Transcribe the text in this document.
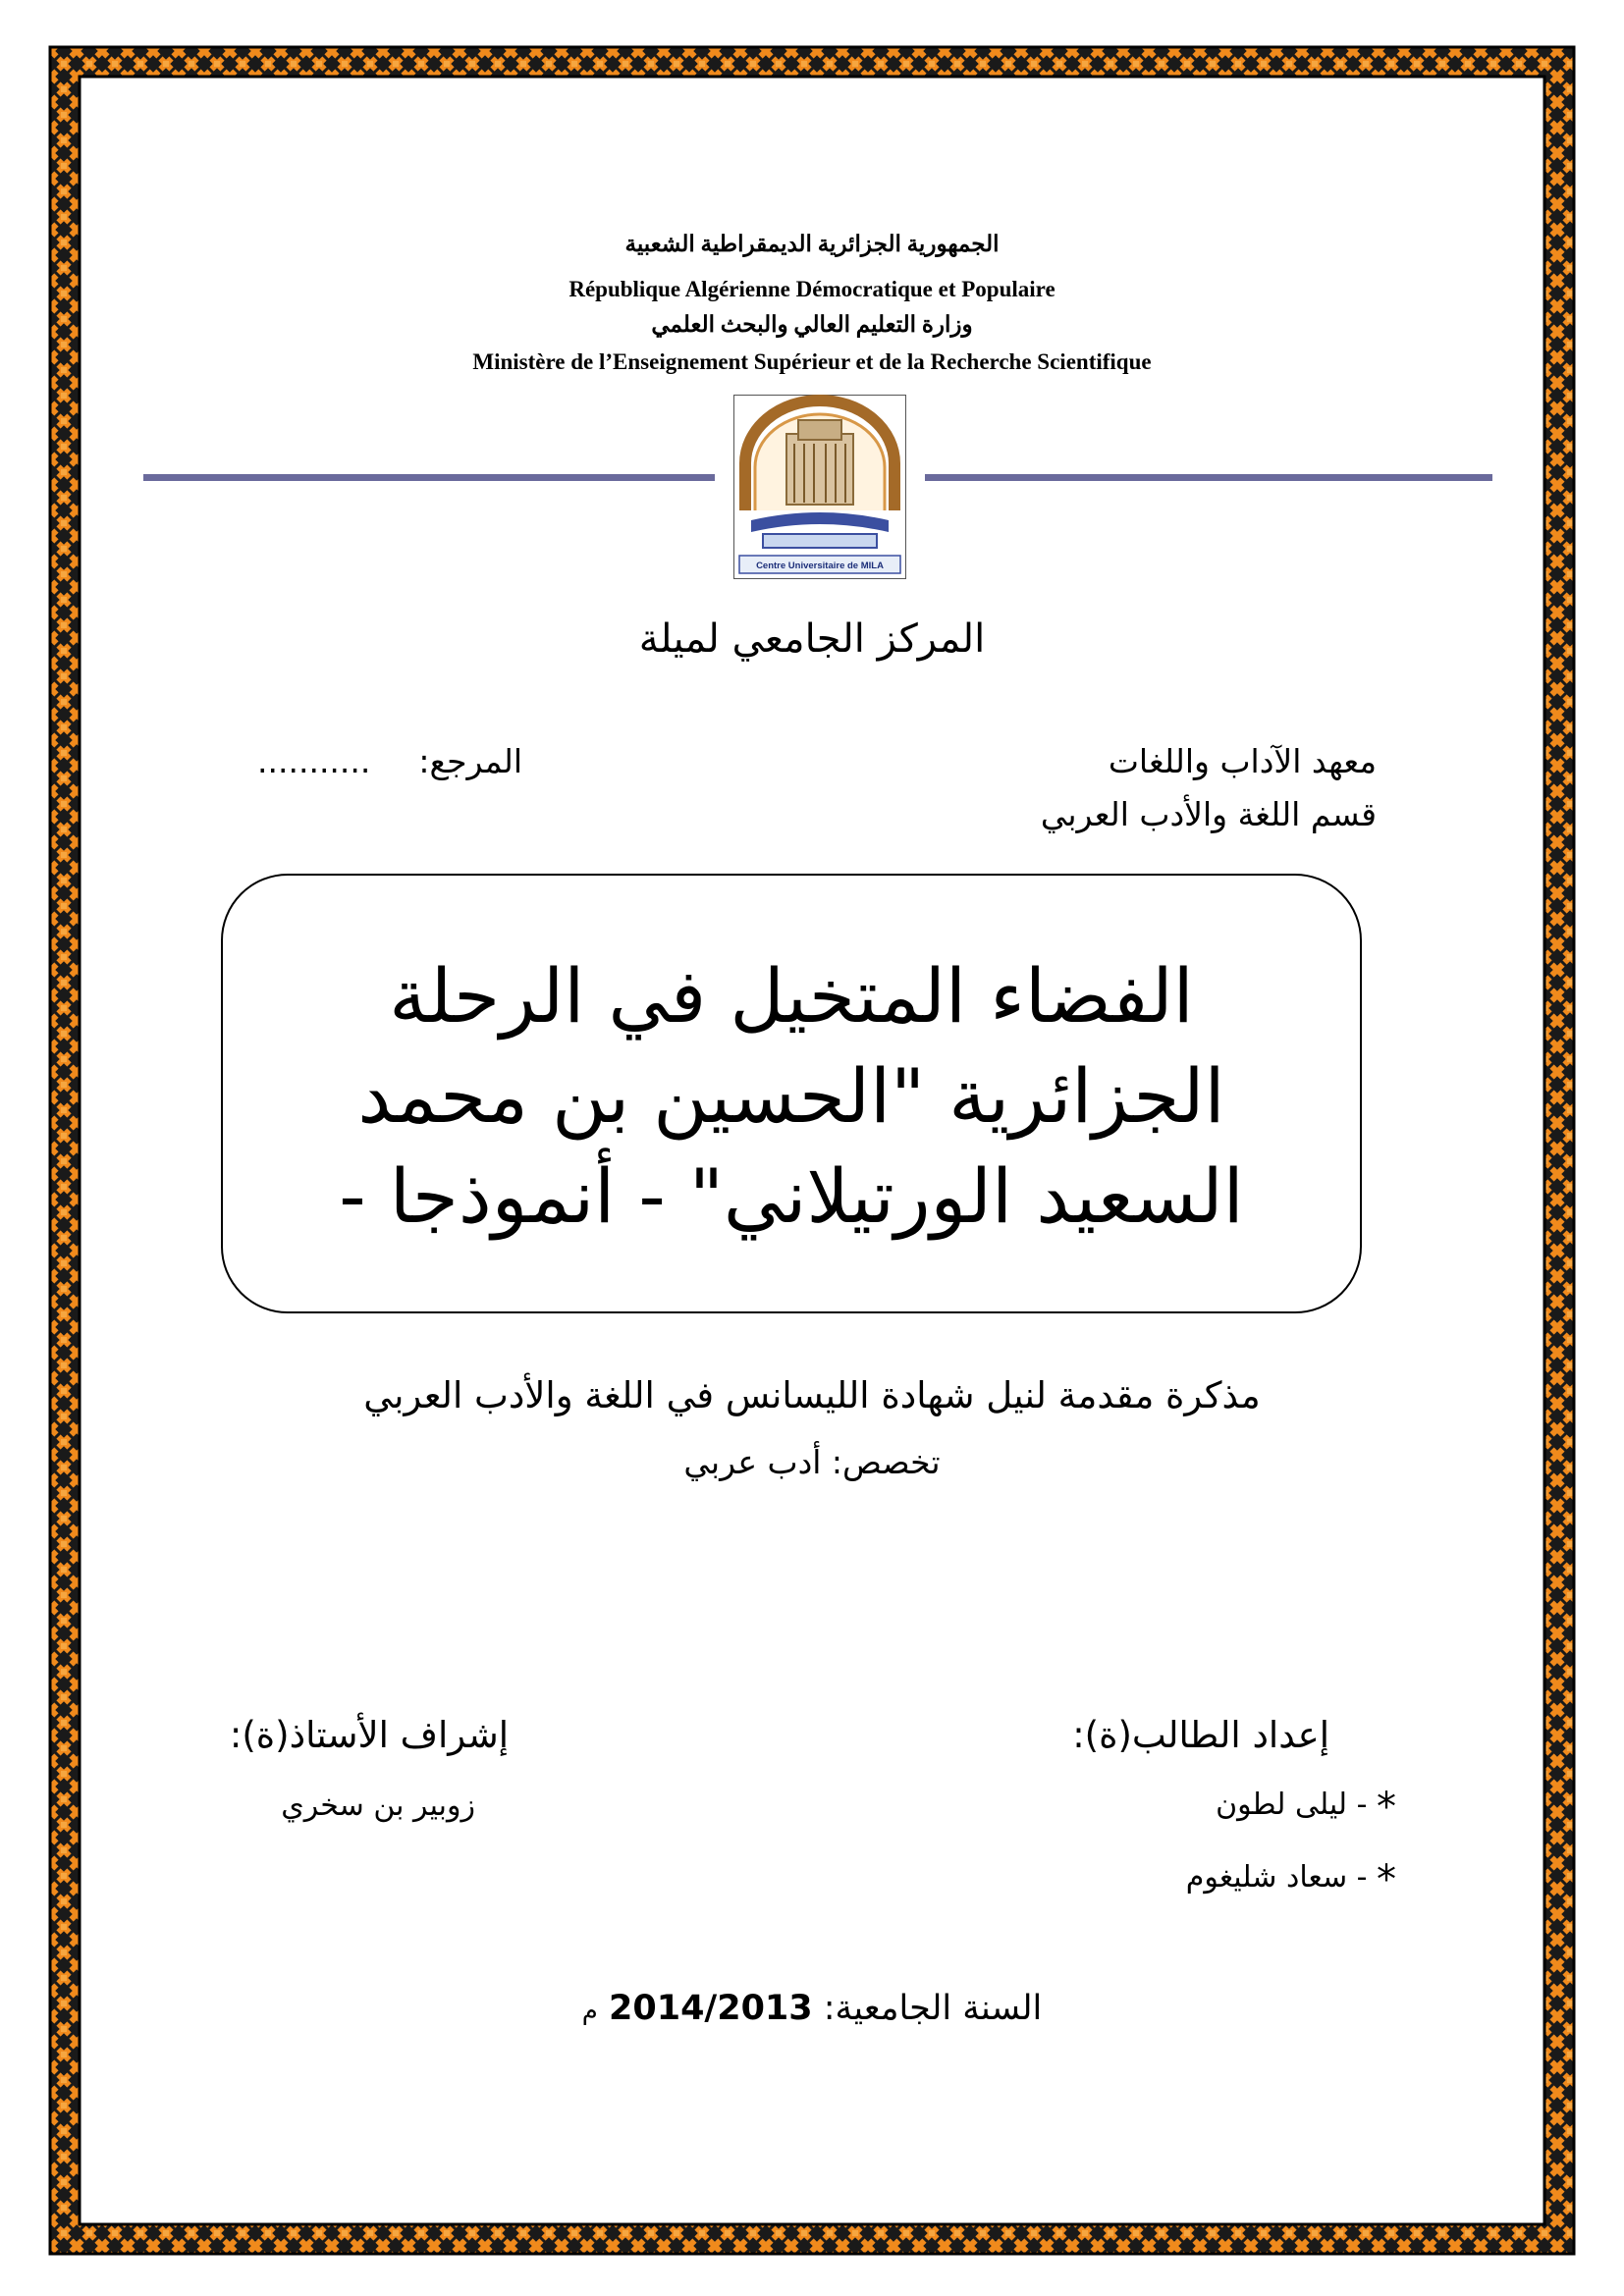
الجمهورية الجزائرية الديمقراطية الشعبية
République Algérienne Démocratique et Populaire
وزارة التعليم العالي والبحث العلمي
Ministère de l’Enseignement Supérieur et de la Recherche Scientifique
Centre Universitaire de MILA
المركز الجامعي لميلة
معهد الآداب واللغات
قسم اللغة والأدب العربي
المرجع:  ...........
الفضاء المتخيل في الرحلة
الجزائرية "الحسين بن محمد
السعيد الورتيلاني" - أنموذجا -
مذكرة مقدمة لنيل شهادة الليسانس في اللغة والأدب العربي
تخصص: أدب عربي
إعداد الطالب(ة):
* - ليلى لطون
* - سعاد شليغوم
إشراف الأستاذ(ة):
زوبير بن سخري
السنة الجامعية: 2014/2013 م
